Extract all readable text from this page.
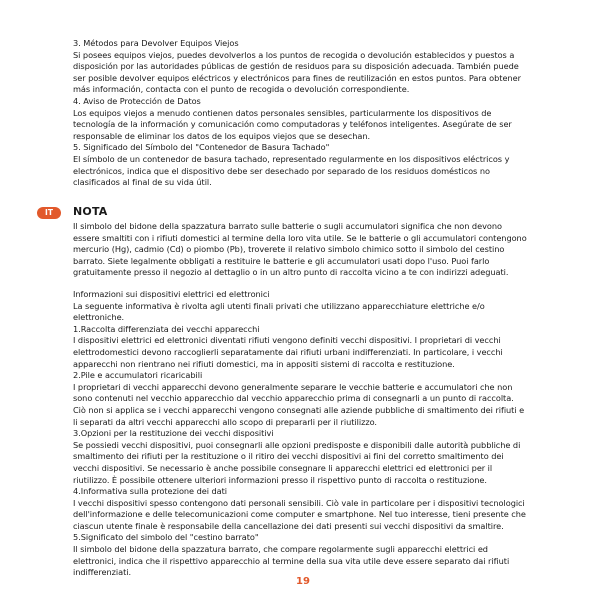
3. Métodos para Devolver Equipos Viejos

Si posees equipos viejos, puedes devolverlos a los puntos de recogida o devolución establecidos y puestos a

disposición por las autoridades públicas de gestión de residuos para su disposición adecuada. También puede

ser posible devolver equipos eléctricos y electrónicos para fines de reutilización en estos puntos. Para obtener

más información, contacta con el punto de recogida o devolución correspondiente.

4. Aviso de Protección de Datos

Los equipos viejos a menudo contienen datos personales sensibles, particularmente los dispositivos de

tecnología de la información y comunicación como computadoras y teléfonos inteligentes. Asegúrate de ser

responsable de eliminar los datos de los equipos viejos que se desechan.

5. Significado del Símbolo del "Contenedor de Basura Tachado"

El símbolo de un contenedor de basura tachado, representado regularmente en los dispositivos eléctricos y

electrónicos, indica que el dispositivo debe ser desechado por separado de los residuos domésticos no

clasificados al final de su vida útil.

IT	NOTA

Il simbolo del bidone della spazzatura barrato sulle batterie o sugli accumulatori significa che non devono

essere smaltiti con i rifiuti domestici al termine della loro vita utile. Se le batterie o gli accumulatori contengono

mercurio (Hg), cadmio (Cd) o piombo (Pb), troverete il relativo simbolo chimico sotto il simbolo del cestino

barrato. Siete legalmente obbligati a restituire le batterie e gli accumulatori usati dopo l'uso. Puoi farlo

gratuitamente presso il negozio al dettaglio o in un altro punto di raccolta vicino a te con indirizzi adeguati.

Informazioni sui dispositivi elettrici ed elettronici

La seguente informativa è rivolta agli utenti finali privati che utilizzano apparecchiature elettriche e/o

elettroniche.

1.Raccolta differenziata dei vecchi apparecchi

I dispositivi elettrici ed elettronici diventati rifiuti vengono definiti vecchi dispositivi. I proprietari di vecchi

elettrodomestici devono raccoglierli separatamente dai rifiuti urbani indifferenziati. In particolare, i vecchi

apparecchi non rientrano nei rifiuti domestici, ma in appositi sistemi di raccolta e restituzione.

2.Pile e accumulatori ricaricabili

I proprietari di vecchi apparecchi devono generalmente separare le vecchie batterie e accumulatori che non

sono contenuti nel vecchio apparecchio dal vecchio apparecchio prima di consegnarli a un punto di raccolta.

Ciò non si applica se i vecchi apparecchi vengono consegnati alle aziende pubbliche di smaltimento dei rifiuti e

li separati da altri vecchi apparecchi allo scopo di prepararli per il riutilizzo.

3.Opzioni per la restituzione dei vecchi dispositivi

Se possiedi vecchi dispositivi, puoi consegnarli alle opzioni predisposte e disponibili dalle autorità pubbliche di

smaltimento dei rifiuti per la restituzione o il ritiro dei vecchi dispositivi ai fini del corretto smaltimento dei

vecchi dispositivi. Se necessario è anche possibile consegnare li apparecchi elettrici ed elettronici per il

riutilizzo. È possibile ottenere ulteriori informazioni presso il rispettivo punto di raccolta o restituzione.

4.Informativa sulla protezione dei dati

I vecchi dispositivi spesso contengono dati personali sensibili. Ciò vale in particolare per i dispositivi tecnologici

dell'informazione e delle telecomunicazioni come computer e smartphone. Nel tuo interesse, tieni presente che

ciascun utente finale è responsabile della cancellazione dei dati presenti sui vecchi dispositivi da smaltire.

5.Significato del simbolo del "cestino barrato"

Il simbolo del bidone della spazzatura barrato, che compare regolarmente sugli apparecchi elettrici ed

elettronici, indica che il rispettivo apparecchio al termine della sua vita utile deve essere separato dai rifiuti

indifferenziati.

19
